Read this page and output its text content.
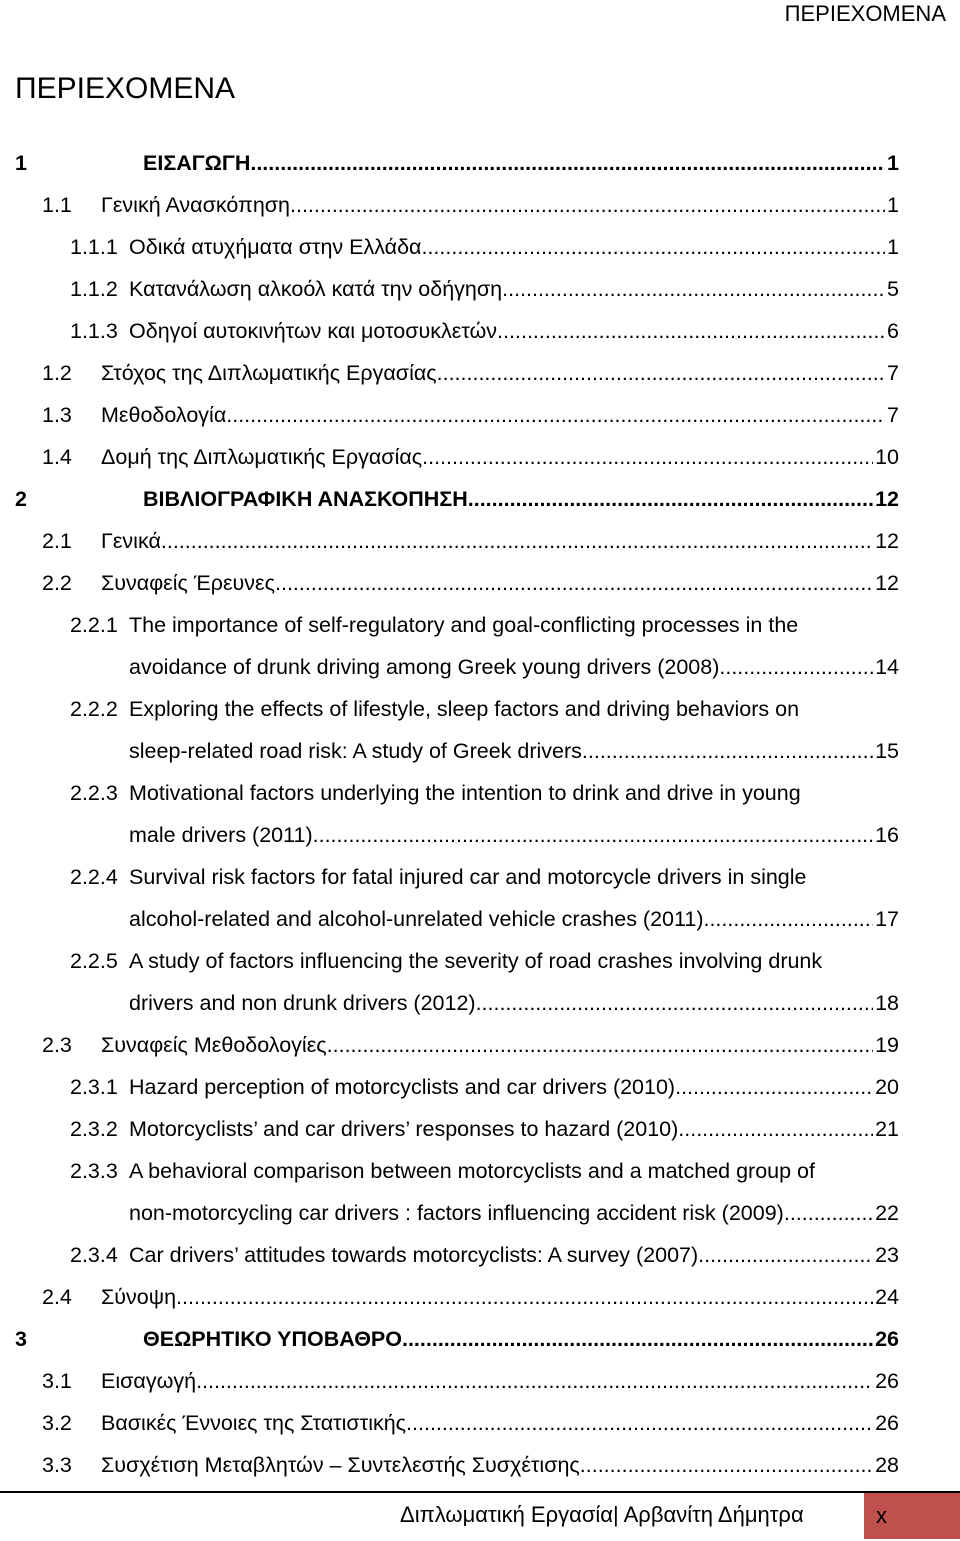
ΠΕΡΙΕΧΟΜΕΝΑ
ΠΕΡΙΕΧΟΜΕΝΑ
1	ΕΙΣΑΓΩΓΗ .....	1
1.1 Γενική Ανασκόπηση .....	1
1.1.1 Οδικά ατυχήματα στην Ελλάδα .....	1
1.1.2 Κατανάλωση αλκοόλ κατά την οδήγηση. .....	5
1.1.3 Οδηγοί αυτοκινήτων και μοτοσυκλετών. .....	6
1.2 Στόχος της Διπλωματικής Εργασίας .....	7
1.3 Μεθοδολογία .....	7
1.4 Δομή της Διπλωματικής Εργασίας .....	10
2	ΒΙΒΛΙΟΓΡΑΦΙΚΗ ΑΝΑΣΚΟΠΗΣΗ .....	12
2.1 Γενικά .....	12
2.2 Συναφείς Έρευνες .....	12
2.2.1 The importance of self-regulatory and goal-conflicting processes in the
avoidance of drunk driving among Greek young drivers (2008). .....	14
2.2.2 Exploring the effects of lifestyle, sleep factors and driving behaviors on
sleep-related road risk: A study of Greek drivers. .....	15
2.2.3 Motivational factors underlying the intention to drink and drive in young
male drivers (2011) .....	16
2.2.4 Survival risk factors for fatal injured car and motorcycle drivers in single
alcohol-related and alcohol-unrelated vehicle crashes (2011) .....	17
2.2.5 A study of factors influencing the severity of road crashes involving drunk
drivers and non drunk drivers (2012) .....	18
2.3 Συναφείς Μεθοδολογίες .....	19
2.3.1 Hazard perception of motorcyclists and car drivers (2010) .....	20
2.3.2 Motorcyclists’ and car drivers’ responses to hazard (2010) .....	21
2.3.3 A behavioral comparison between motorcyclists and a matched group of
non-motorcycling car drivers : factors influencing accident risk (2009). .....	22
2.3.4 Car drivers’ attitudes towards motorcyclists: A survey (2007) .....	23
2.4 Σύνοψη .....	24
3	ΘΕΩΡΗΤΙΚΟ ΥΠΟΒΑΘΡΟ .....	26
3.1 Εισαγωγή .....	26
3.2 Βασικές Έννοιες της Στατιστικής .....	26
3.3 Συσχέτιση Μεταβλητών – Συντελεστής Συσχέτισης. .....	28
Διπλωματική Εργασία| Αρβανίτη Δήμητρα	x
